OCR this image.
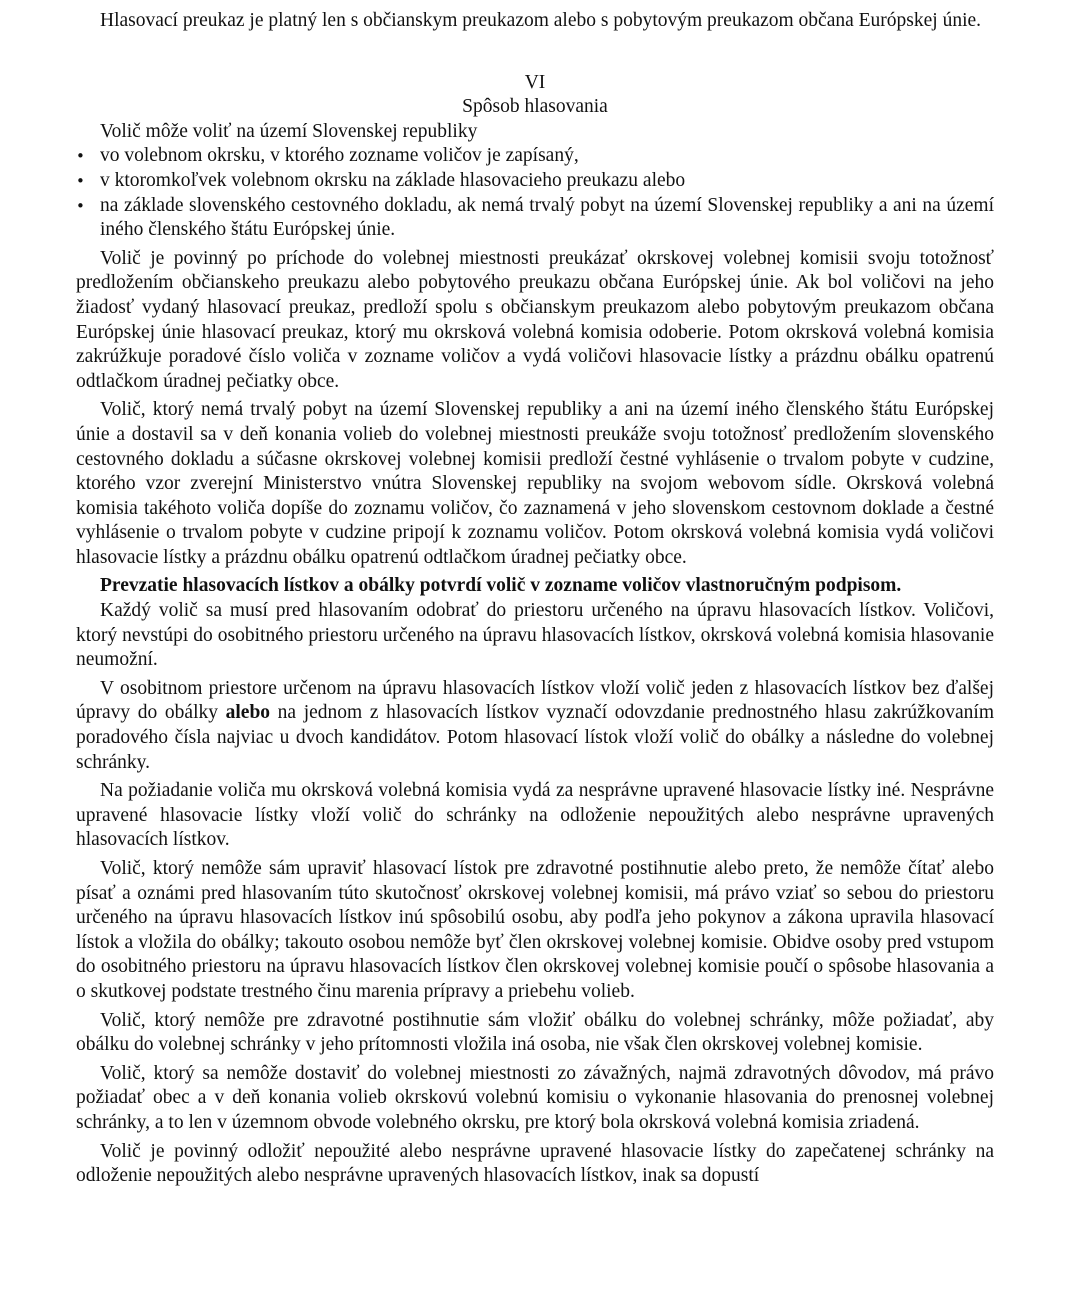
Hlasovací preukaz je platný len s občianskym preukazom alebo s pobytovým preukazom občana Európskej únie.

VI
Spôsob hlasovania

Volič môže voliť na území Slovenskej republiky

• vo volebnom okrsku, v ktorého zozname voličov je zapísaný,
• v ktoromkoľvek volebnom okrsku na základe hlasovacieho preukazu alebo
• na základe slovenského cestovného dokladu, ak nemá trvalý pobyt na území Slovenskej republiky a ani na území iného členského štátu Európskej únie.

Volič je povinný po príchode do volebnej miestnosti preukázať okrskovej volebnej komisii svoju totožnosť predložením občianskeho preukazu alebo pobytového preukazu občana Európskej únie. Ak bol voličovi na jeho žiadosť vydaný hlasovací preukaz, predloží spolu s občianskym preukazom alebo pobytovým preukazom občana Európskej únie hlasovací preukaz, ktorý mu okrsková volebná komisia odoberie. Potom okrsková volebná komisia zakrúžkuje poradové číslo voliča v zozname voličov a vydá voličovi hlasovacie lístky a prázdnu obálku opatrenú odtlačkom úradnej pečiatky obce.

Volič, ktorý nemá trvalý pobyt na území Slovenskej republiky a ani na území iného členského štátu Európskej únie a dostavil sa v deň konania volieb do volebnej miestnosti preukáže svoju totožnosť predložením slovenského cestovného dokladu a súčasne okrskovej volebnej komisii predloží čestné vyhlásenie o trvalom pobyte v cudzine, ktorého vzor zverejní Ministerstvo vnútra Slovenskej republiky na svojom webovom sídle. Okrsková volebná komisia takéhoto voliča dopíše do zoznamu voličov, čo zaznamená v jeho slovenskom cestovnom doklade a čestné vyhlásenie o trvalom pobyte v cudzine pripojí k zoznamu voličov. Potom okrsková volebná komisia vydá voličovi hlasovacie lístky a prázdnu obálku opatrenú odtlačkom úradnej pečiatky obce.

Prevzatie hlasovacích lístkov a obálky potvrdí volič v zozname voličov vlastnoručným podpisom.

Každý volič sa musí pred hlasovaním odobrať do priestoru určeného na úpravu hlasovacích lístkov. Voličovi, ktorý nevstúpi do osobitného priestoru určeného na úpravu hlasovacích lístkov, okrsková volebná komisia hlasovanie neumožní.

V osobitnom priestore určenom na úpravu hlasovacích lístkov vloží volič jeden z hlasovacích lístkov bez ďalšej úpravy do obálky alebo na jednom z hlasovacích lístkov vyznačí odovzdanie prednostného hlasu zakrúžkovaním poradového čísla najviac u dvoch kandidátov. Potom hlasovací lístok vloží volič do obálky a následne do volebnej schránky.

Na požiadanie voliča mu okrsková volebná komisia vydá za nesprávne upravené hlasovacie lístky iné. Nesprávne upravené hlasovacie lístky vloží volič do schránky na odloženie nepoužitých alebo nesprávne upravených hlasovacích lístkov.

Volič, ktorý nemôže sám upraviť hlasovací lístok pre zdravotné postihnutie alebo preto, že nemôže čítať alebo písať a oznámi pred hlasovaním túto skutočnosť okrskovej volebnej komisii, má právo vziať so sebou do priestoru určeného na úpravu hlasovacích lístkov inú spôsobilú osobu, aby podľa jeho pokynov a zákona upravila hlasovací lístok a vložila do obálky; takouto osobou nemôže byť člen okrskovej volebnej komisie. Obidve osoby pred vstupom do osobitného priestoru na úpravu hlasovacích lístkov člen okrskovej volebnej komisie poučí o spôsobe hlasovania a o skutkovej podstate trestného činu marenia prípravy a priebehu volieb.

Volič, ktorý nemôže pre zdravotné postihnutie sám vložiť obálku do volebnej schránky, môže požiadať, aby obálku do volebnej schránky v jeho prítomnosti vložila iná osoba, nie však člen okrskovej volebnej komisie.

Volič, ktorý sa nemôže dostaviť do volebnej miestnosti zo závažných, najmä zdravotných dôvodov, má právo požiadať obec a v deň konania volieb okrskovú volebnú komisiu o vykonanie hlasovania do prenosnej volebnej schránky, a to len v územnom obvode volebného okrsku, pre ktorý bola okrsková volebná komisia zriadená.

Volič je povinný odložiť nepoužité alebo nesprávne upravené hlasovacie lístky do zapečatenej schránky na odloženie nepoužitých alebo nesprávne upravených hlasovacích lístkov, inak sa dopustí
